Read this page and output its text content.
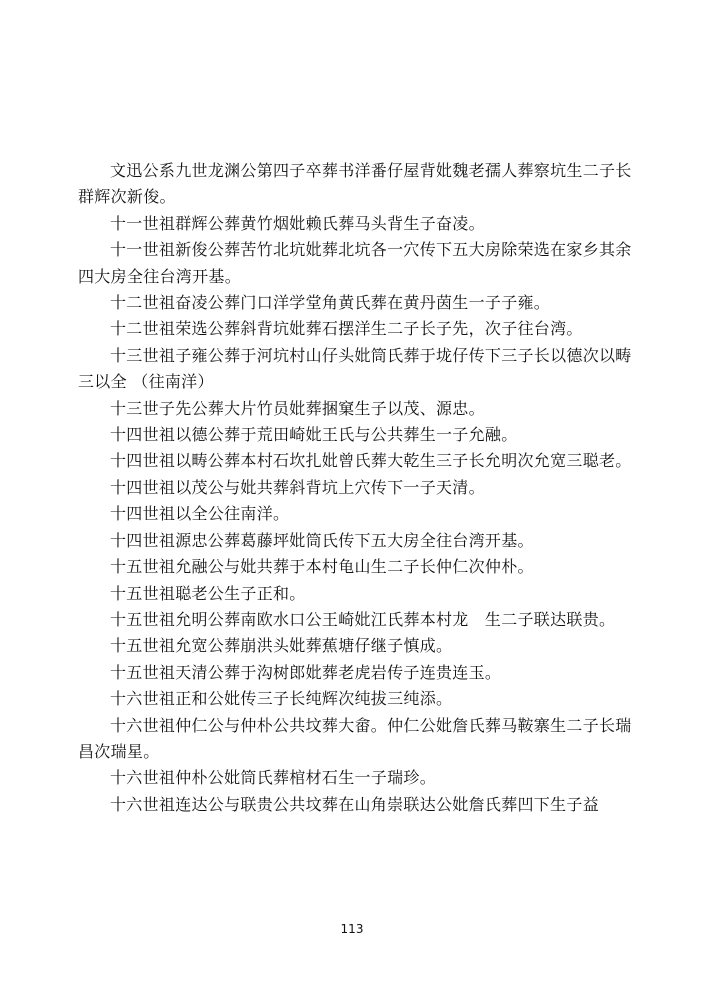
文迅公系九世龙渊公第四子卒葬书洋番仔屋背妣魏老孺人葬察坑生二子长群辉次新俊。

十一世祖群辉公葬黄竹烟妣赖氏葬马头背生子奋凌。

十一世祖新俊公葬苦竹北坑妣葬北坑各一穴传下五大房除荣选在家乡其余四大房全往台湾开基。

十二世祖奋凌公葬门口洋学堂角黄氏葬在黄丹茵生一子子雍。

十二世祖荣选公葬斜背坑妣葬石摆洋生二子长子先，次子往台湾。

十三世祖子雍公葬于河坑村山仔头妣筒氏葬于垅仔传下三子长以德次以畴三以全 （往南洋）

十三世子先公葬大片竹员妣葬捆窠生子以茂、源忠。

十四世祖以德公葬于荒田崎妣王氏与公共葬生一子允融。

十四世祖以畴公葬本村石坎扎妣曾氏葬大乾生三子长允明次允宽三聪老。

十四世祖以茂公与妣共葬斜背坑上穴传下一子天清。

十四世祖以全公往南洋。

十四世祖源忠公葬葛藤坪妣筒氏传下五大房全往台湾开基。

十五世祖允融公与妣共葬于本村龟山生二子长仲仁次仲朴。

十五世祖聪老公生子正和。

十五世祖允明公葬南欧水口公王崎妣江氏葬本村龙　生二子联达联贵。

十五世祖允宽公葬崩洪头妣葬蕉塘仔继子慎成。

十五世祖天清公葬于沟树郎妣葬老虎岩传子连贵连玉。

十六世祖正和公妣传三子长纯辉次纯拔三纯添。

十六世祖仲仁公与仲朴公共坟葬大畲。仲仁公妣詹氏葬马鞍寨生二子长瑞昌次瑞星。

十六世祖仲朴公妣筒氏葬棺材石生一子瑞珍。

十六世祖连达公与联贵公共坟葬在山角崇联达公妣詹氏葬凹下生子益

113
